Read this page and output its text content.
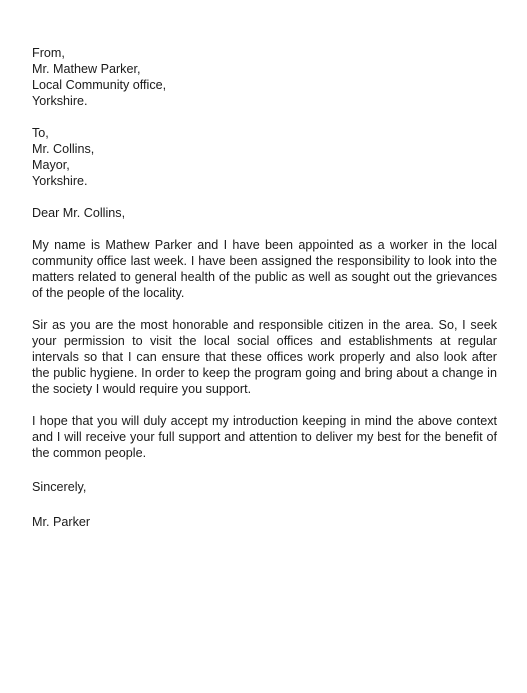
From,
Mr. Mathew Parker,
Local Community office,
Yorkshire.
To,
Mr. Collins,
Mayor,
Yorkshire.

Dear Mr. Collins,

My name is Mathew Parker and I have been appointed as a worker in the local community office last week. I have been assigned the responsibility to look into the matters related to general health of the public as well as sought out the grievances of the people of the locality.

Sir as you are the most honorable and responsible citizen in the area. So, I seek your permission to visit the local social offices and establishments at regular intervals so that I can ensure that these offices work properly and also look after the public hygiene. In order to keep the program going and bring about a change in the society I would require you support.

I hope that you will duly accept my introduction keeping in mind the above context and I will receive your full support and attention to deliver my best for the benefit of the common people.

Sincerely,

Mr. Parker
